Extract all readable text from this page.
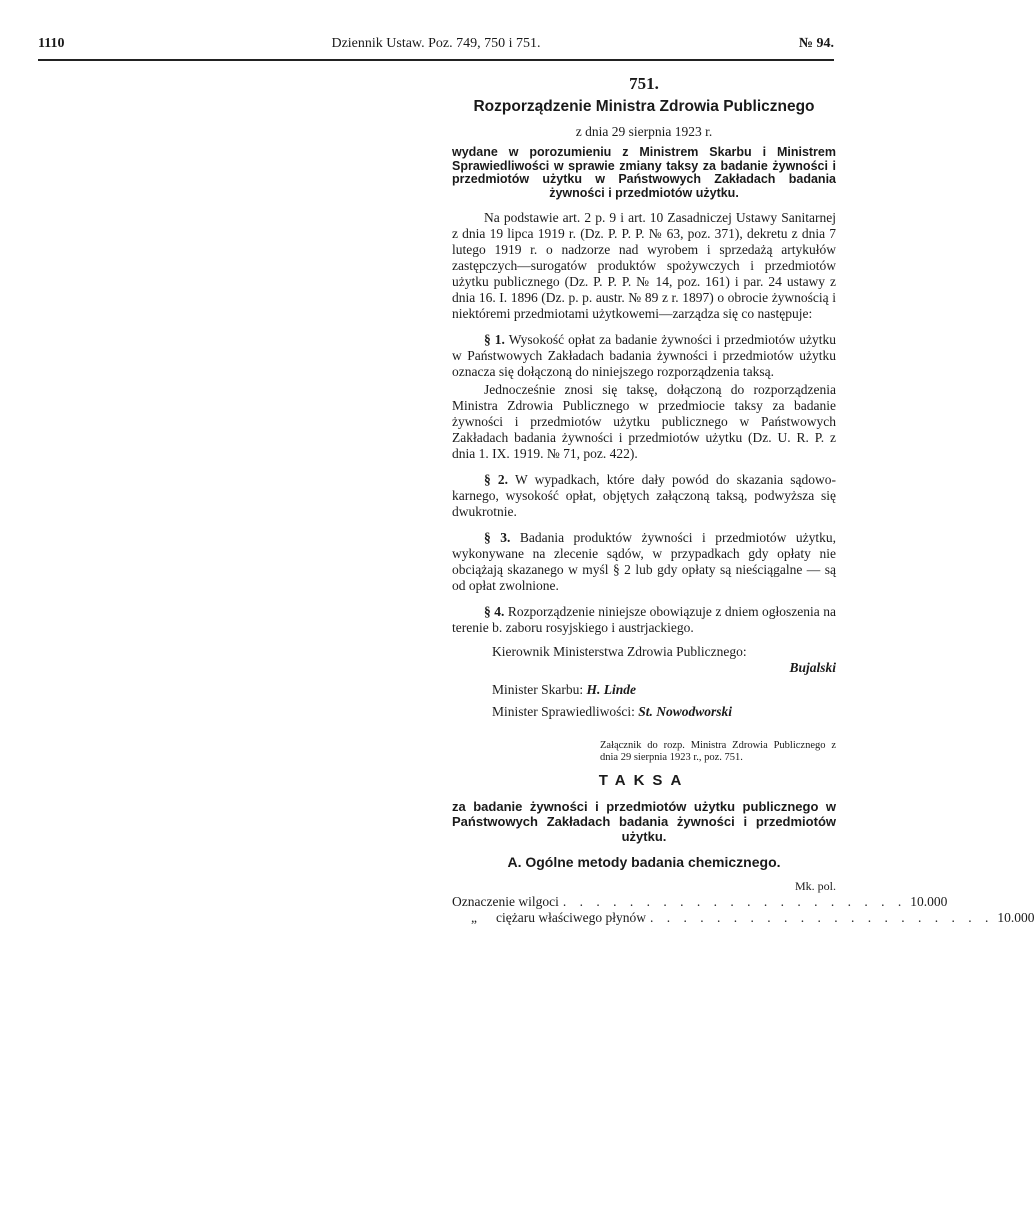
1110	Dziennik Ustaw. Poz. 749, 750 i 751.	№ 94.
751.
Rozporządzenie Ministra Zdrowia Publicznego
z dnia 29 sierpnia 1923 r.
wydane w porozumieniu z Ministrem Skarbu i Ministrem Sprawiedliwości w sprawie zmiany taksy za badanie żywności i przedmiotów użytku w Państwowych Zakładach badania żywności i przedmiotów użytku.
Na podstawie art. 2 p. 9 i art. 10 Zasadniczej Ustawy Sanitarnej z dnia 19 lipca 1919 r. (Dz. P. P. P. № 63, poz. 371), dekretu z dnia 7 lutego 1919 r. o nadzorze nad wyrobem i sprzedażą artykułów zastępczych—surogatów produktów spożywczych i przedmiotów użytku publicznego (Dz. P. P. P. № 14, poz. 161) i par. 24 ustawy z dnia 16. I. 1896 (Dz. p. p. austr. № 89 z r. 1897) o obrocie żywnością i niektóremi przedmiotami użytkowemi—zarządza się co następuje:
§ 1. Wysokość opłat za badanie żywności i przedmiotów użytku w Państwowych Zakładach badania żywności i przedmiotów użytku oznacza się dołączoną do niniejszego rozporządzenia taksą.
Jednocześnie znosi się taksę, dołączoną do rozporządzenia Ministra Zdrowia Publicznego w przedmiocie taksy za badanie żywności i przedmiotów użytku publicznego w Państwowych Zakładach badania żywności i przedmiotów użytku (Dz. U. R. P. z dnia 1. IX. 1919. № 71, poz. 422).
§ 2. W wypadkach, które dały powód do skazania sądowo-karnego, wysokość opłat, objętych załączoną taksą, podwyższa się dwukrotnie.
§ 3. Badania produktów żywności i przedmiotów użytku, wykonywane na zlecenie sądów, w przypadkach gdy opłaty nie obciążają skazanego w myśl § 2 lub gdy opłaty są nieściągalne — są od opłat zwolnione.
§ 4. Rozporządzenie niniejsze obowiązuje z dniem ogłoszenia na terenie b. zaboru rosyjskiego i austrjackiego.
Kierownik Ministerstwa Zdrowia Publicznego:
Bujalski
Minister Skarbu: H. Linde
Minister Sprawiedliwości: St. Nowodworski
Załącznik do rozp. Ministra Zdrowia Publicznego z dnia 29 sierpnia 1923 r., poz. 751.
TAKSA
za badanie żywności i przedmiotów użytku publicznego w Państwowych Zakładach badania żywności i przedmiotów użytku.
A. Ogólne metody badania chemicznego.
Mk. pol.
Oznaczenie wilgoci . . . . . . . . . . . . . . . . . . . . . 10.000
„ ciężaru właściwego płynów . . . . . . . . . . . . . . . . . . . . . 10.000
